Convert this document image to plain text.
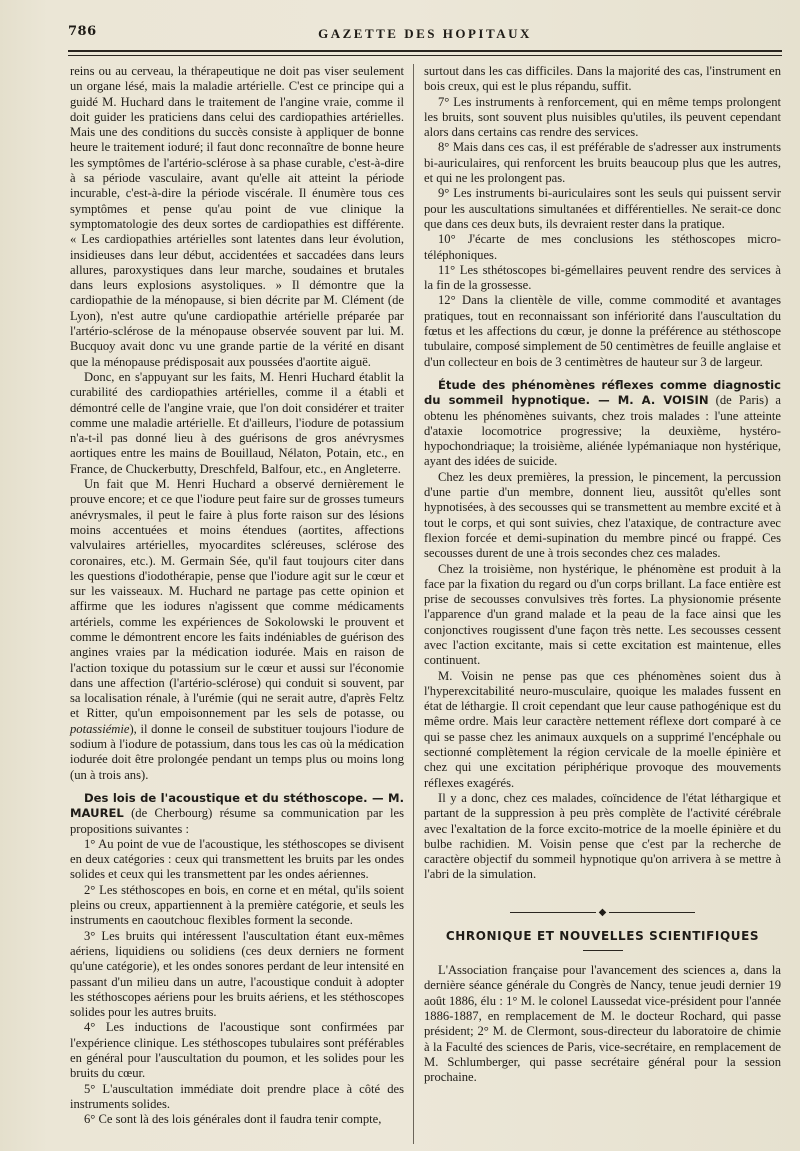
786	GAZETTE DES HOPITAUX

reins ou au cerveau, la thérapeutique ne doit pas viser seulement un organe lésé, mais la maladie artérielle. C'est ce principe qui a guidé M. Huchard dans le traitement de l'angine vraie, comme il doit guider les praticiens dans celui des cardiopathies artérielles. Mais une des conditions du succès consiste à appliquer de bonne heure le traitement ioduré; il faut donc reconnaître de bonne heure les symptômes de l'artério-sclérose à sa phase curable, c'est-à-dire à sa période vasculaire, avant qu'elle ait atteint la période incurable, c'est-à-dire la période viscérale. Il énumère tous ces symptômes et pense qu'au point de vue clinique la symptomatologie des deux sortes de cardiopathies est différente. « Les cardiopathies artérielles sont latentes dans leur évolution, insidieuses dans leur début, accidentées et saccadées dans leurs allures, paroxystiques dans leur marche, soudaines et brutales dans leurs explosions asystoliques. » Il démontre que la cardiopathie de la ménopause, si bien décrite par M. Clément (de Lyon), n'est autre qu'une cardiopathie artérielle préparée par l'artério-sclérose de la ménopause observée souvent par lui. M. Bucquoy avait donc vu une grande partie de la vérité en disant que la ménopause prédisposait aux poussées d'aortite aiguë.

Donc, en s'appuyant sur les faits, M. Henri Huchard établit la curabilité des cardiopathies artérielles, comme il a établi et démontré celle de l'angine vraie, que l'on doit considérer et traiter comme une maladie artérielle. Et d'ailleurs, l'iodure de potassium n'a-t-il pas donné lieu à des guérisons de gros anévrysmes aortiques entre les mains de Bouillaud, Nélaton, Potain, etc., en France, de Chuckerbutty, Dreschfeld, Balfour, etc., en Angleterre.

Un fait que M. Henri Huchard a observé dernièrement le prouve encore; et ce que l'iodure peut faire sur de grosses tumeurs anévrysmales, il peut le faire à plus forte raison sur des lésions moins accentuées et moins étendues (aortites, affections valvulaires artérielles, myocardites scléreuses, sclérose des coronaires, etc.). M. Germain Sée, qu'il faut toujours citer dans les questions d'iodothérapie, pense que l'iodure agit sur le cœur et sur les vaisseaux. M. Huchard ne partage pas cette opinion et affirme que les iodures n'agissent que comme médicaments artériels, comme les expériences de Sokolowski le prouvent et comme le démontrent encore les faits indéniables de guérison des angines vraies par la médication iodurée. Mais en raison de l'action toxique du potassium sur le cœur et aussi sur l'économie dans une affection (l'artério-sclérose) qui conduit si souvent, par sa localisation rénale, à l'urémie (qui ne serait autre, d'après Feltz et Ritter, qu'un empoisonnement par les sels de potasse, ou potassiémie), il donne le conseil de substituer toujours l'iodure de sodium à l'iodure de potassium, dans tous les cas où la médication iodurée doit être prolongée pendant un temps plus ou moins long (un à trois ans).

Des lois de l'acoustique et du stéthoscope. — M. MAUREL (de Cherbourg) résume sa communication par les propositions suivantes :

1° Au point de vue de l'acoustique, les stéthoscopes se divisent en deux catégories : ceux qui transmettent les bruits par les ondes solides et ceux qui les transmettent par les ondes aériennes.

2° Les stéthoscopes en bois, en corne et en métal, qu'ils soient pleins ou creux, appartiennent à la première catégorie, et seuls les instruments en caoutchouc flexibles forment la seconde.

3° Les bruits qui intéressent l'auscultation étant eux-mêmes aériens, liquidiens ou solidiens (ces deux derniers ne forment qu'une catégorie), et les ondes sonores perdant de leur intensité en passant d'un milieu dans un autre, l'acoustique conduit à adopter les stéthoscopes aériens pour les bruits aériens, et les stéthoscopes solides pour les autres bruits.

4° Les inductions de l'acoustique sont confirmées par l'expérience clinique. Les stéthoscopes tubulaires sont préférables en général pour l'auscultation du poumon, et les solides pour les bruits du cœur.

5° L'auscultation immédiate doit prendre place à côté des instruments solides.

6° Ce sont là des lois générales dont il faudra tenir compte,

surtout dans les cas difficiles. Dans la majorité des cas, l'instrument en bois creux, qui est le plus répandu, suffit.

7° Les instruments à renforcement, qui en même temps prolongent les bruits, sont souvent plus nuisibles qu'utiles, ils peuvent cependant alors dans certains cas rendre des services.

8° Mais dans ces cas, il est préférable de s'adresser aux instruments bi-auriculaires, qui renforcent les bruits beaucoup plus que les autres, et qui ne les prolongent pas.

9° Les instruments bi-auriculaires sont les seuls qui puissent servir pour les auscultations simultanées et différentielles. Ne serait-ce donc que dans ces deux buts, ils devraient rester dans la pratique.

10° J'écarte de mes conclusions les stéthoscopes micro-téléphoniques.

11° Les sthétoscopes bi-gémellaires peuvent rendre des services à la fin de la grossesse.

12° Dans la clientèle de ville, comme commodité et avantages pratiques, tout en reconnaissant son infériorité dans l'auscultation du fœtus et les affections du cœur, je donne la préférence au stéthoscope tubulaire, composé simplement de 50 centimètres de feuille anglaise et d'un collecteur en bois de 3 centimètres de hauteur sur 3 de largeur.

Étude des phénomènes réflexes comme diagnostic du sommeil hypnotique. — M. A. VOISIN (de Paris) a obtenu les phénomènes suivants, chez trois malades : l'une atteinte d'ataxie locomotrice progressive; la deuxième, hystéro-hypochondriaque; la troisième, aliénée lypémaniaque non hystérique, ayant des idées de suicide.

Chez les deux premières, la pression, le pincement, la percussion d'une partie d'un membre, donnent lieu, aussitôt qu'elles sont hypnotisées, à des secousses qui se transmettent au membre excité et à tout le corps, et qui sont suivies, chez l'ataxique, de contracture avec flexion forcée et demi-supination du membre pincé ou frappé. Ces secousses durent de une à trois secondes chez ces malades.

Chez la troisième, non hystérique, le phénomène est produit à la face par la fixation du regard ou d'un corps brillant. La face entière est prise de secousses convulsives très fortes. La physionomie présente l'apparence d'un grand malade et la peau de la face ainsi que les conjonctives rougissent d'une façon très nette. Les secousses cessent avec l'action excitante, mais si cette excitation est maintenue, elles continuent.

M. Voisin ne pense pas que ces phénomènes soient dus à l'hyperexcitabilité neuro-musculaire, quoique les malades fussent en état de léthargie. Il croit cependant que leur cause pathogénique est du même ordre. Mais leur caractère nettement réflexe dort comparé à ce qui se passe chez les animaux auxquels on a supprimé l'encéphale ou sectionné complètement la région cervicale de la moelle épinière et chez qui une excitation périphérique provoque des mouvements réflexes exagérés.

Il y a donc, chez ces malades, coïncidence de l'état léthargique et partant de la suppression à peu près complète de l'activité cérébrale avec l'exaltation de la force excito-motrice de la moelle épinière et du bulbe rachidien. M. Voisin pense que c'est par la recherche de caractère objectif du sommeil hypnotique qu'on arrivera à se mettre à l'abri de la simulation.

◆
CHRONIQUE ET NOUVELLES SCIENTIFIQUES

L'Association française pour l'avancement des sciences a, dans la dernière séance générale du Congrès de Nancy, tenue jeudi dernier 19 août 1886, élu : 1° M. le colonel Laussedat vice-président pour l'année 1886-1887, en remplacement de M. le docteur Rochard, qui passe président; 2° M. de Clermont, sous-directeur du laboratoire de chimie à la Faculté des sciences de Paris, vice-secrétaire, en remplacement de M. Schlumberger, qui passe secrétaire général pour la session prochaine.
